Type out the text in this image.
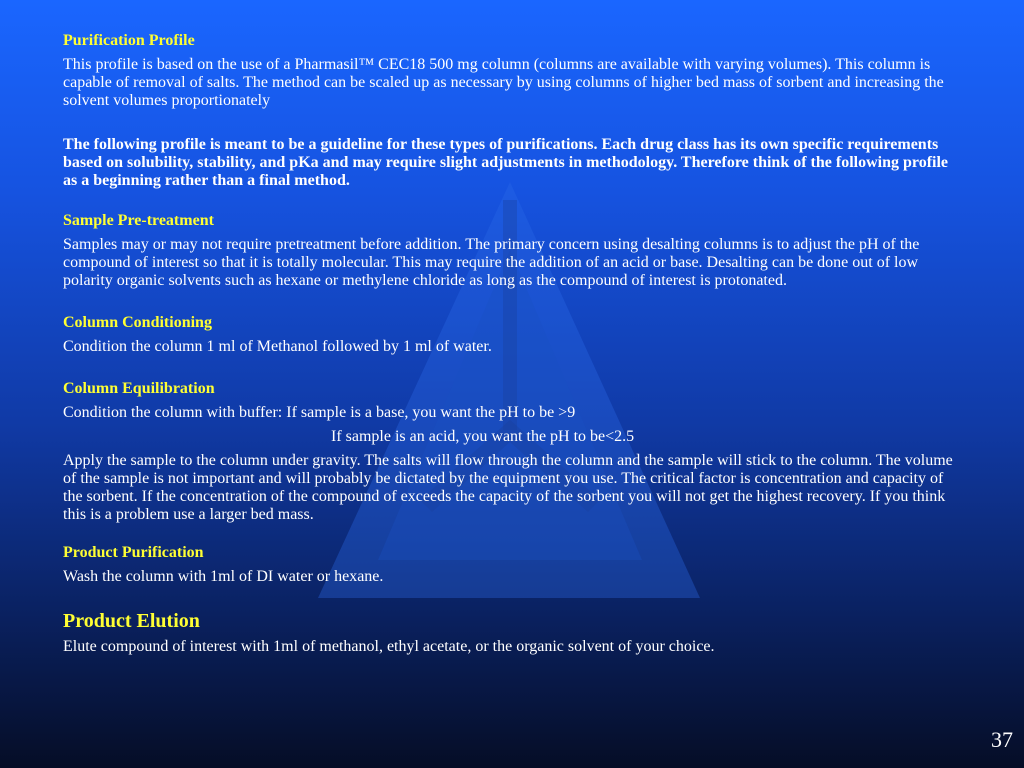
Purification Profile
This profile is based on the use of a Pharmasil™ CEC18 500 mg column (columns are available with varying volumes). This column is capable of removal of salts. The method can be scaled up as necessary by using columns of higher bed mass of sorbent and increasing the solvent volumes proportionately
The following profile is meant to be a guideline for these types of purifications. Each drug class has its own specific requirements based on solubility, stability, and pKa and may require slight adjustments in methodology. Therefore think of the following profile as a beginning rather than a final method.
Sample Pre-treatment
Samples may or may not require pretreatment before addition. The primary concern using desalting columns is to adjust the pH of the compound of interest so that it is totally molecular. This may require the addition of an acid or base. Desalting can be done out of low polarity organic solvents such as hexane or methylene chloride as long as the compound of interest is protonated.
Column Conditioning
Condition the column 1 ml of Methanol followed by 1 ml of water.
Column Equilibration
Condition the column with buffer: If sample is a base, you want the pH to be >9
If sample is an acid, you want the pH to be<2.5
Apply the sample to the column under gravity. The salts will flow through the column and the sample will stick to the column. The volume of the sample is not important and will probably be dictated by the equipment you use. The critical factor is concentration and capacity of the sorbent. If the concentration of the compound of exceeds the capacity of the sorbent you will not get the highest recovery. If you think this is a problem use a larger bed mass.
Product Purification
Wash the column with 1ml of DI water or hexane.
Product Elution
Elute compound of interest with 1ml of methanol, ethyl acetate, or the organic solvent of your choice.
37
